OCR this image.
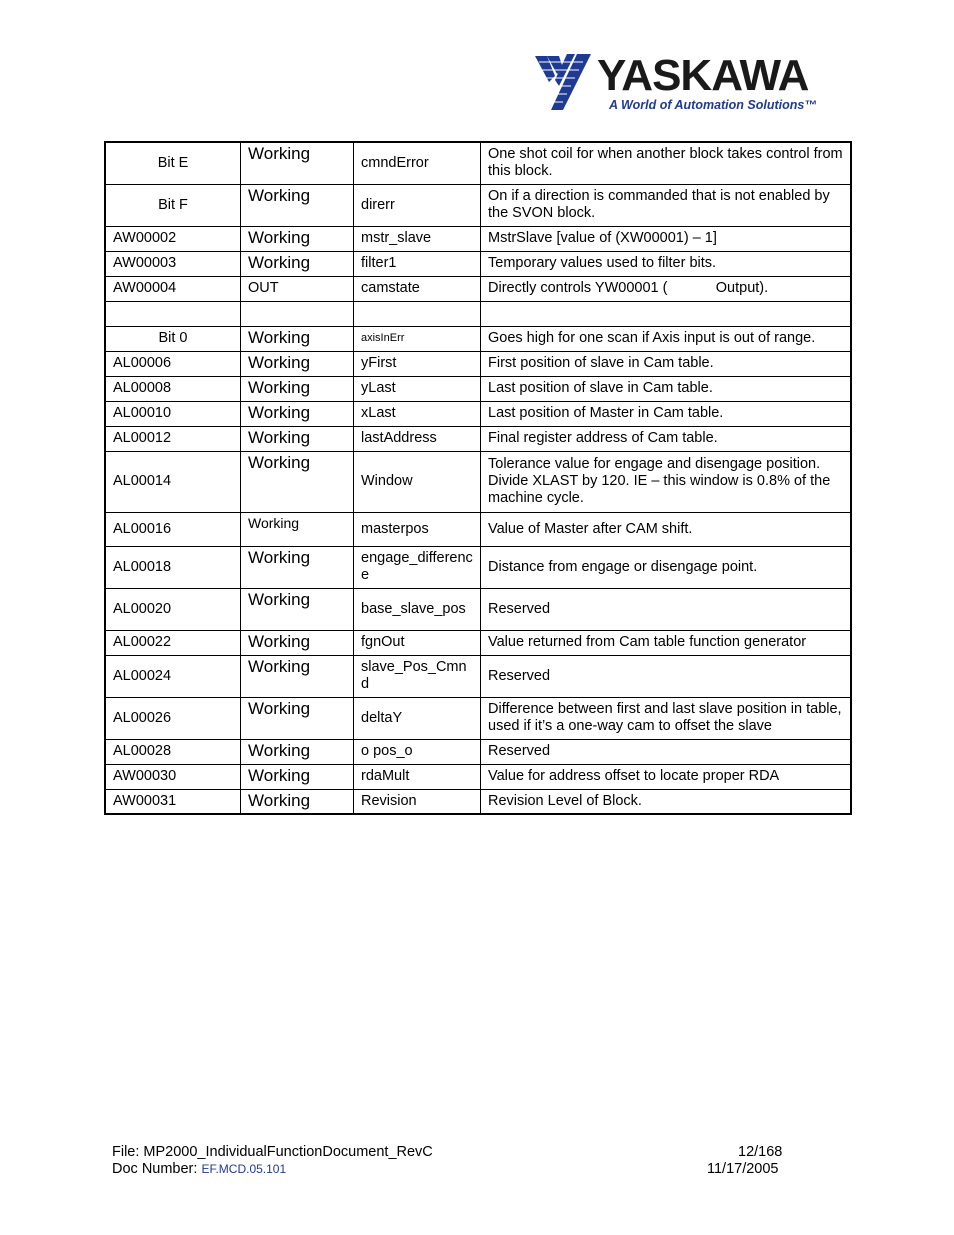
YASKAWA
A World of Automation Solutions™
Bit E	Working	cmndError	One shot coil for when another block takes control from this block.
Bit F	Working	direrr	On if a direction is commanded that is not enabled by the SVON block.
AW00002	Working	mstr_slave	MstrSlave [value of (XW00001) – 1]
AW00003	Working	filter1	Temporary values used to filter bits.
AW00004	OUT	camstate	Directly controls YW00001 (            Output).

Bit 0	Working	axisInErr	Goes high for one scan if Axis input is out of range.
AL00006	Working	yFirst	First position of slave in Cam table.
AL00008	Working	yLast	Last position of slave in Cam table.
AL00010	Working	xLast	Last position of Master in Cam table.
AL00012	Working	lastAddress	Final register address of Cam table.
AL00014	Working	Window	Tolerance value for engage and disengage position. Divide XLAST by 120. IE – this window is 0.8% of the machine cycle.
AL00016	Working	masterpos	Value of Master after CAM shift.
AL00018	Working	engage_difference	Distance from engage or disengage point.
AL00020	Working	base_slave_pos	Reserved
AL00022	Working	fgnOut	Value returned from Cam table function generator
AL00024	Working	slave_Pos_Cmnd	Reserved
AL00026	Working	deltaY	Difference between first and last slave position in table, used if it’s a one-way cam to offset the slave
AL00028	Working	o pos_o	Reserved
AW00030	Working	rdaMult	Value for address offset to locate proper RDA
AW00031	Working	Revision	Revision Level of Block.
File: MP2000_IndividualFunctionDocument_RevC
Doc Number: EF.MCD.05.101
12/168
11/17/2005
